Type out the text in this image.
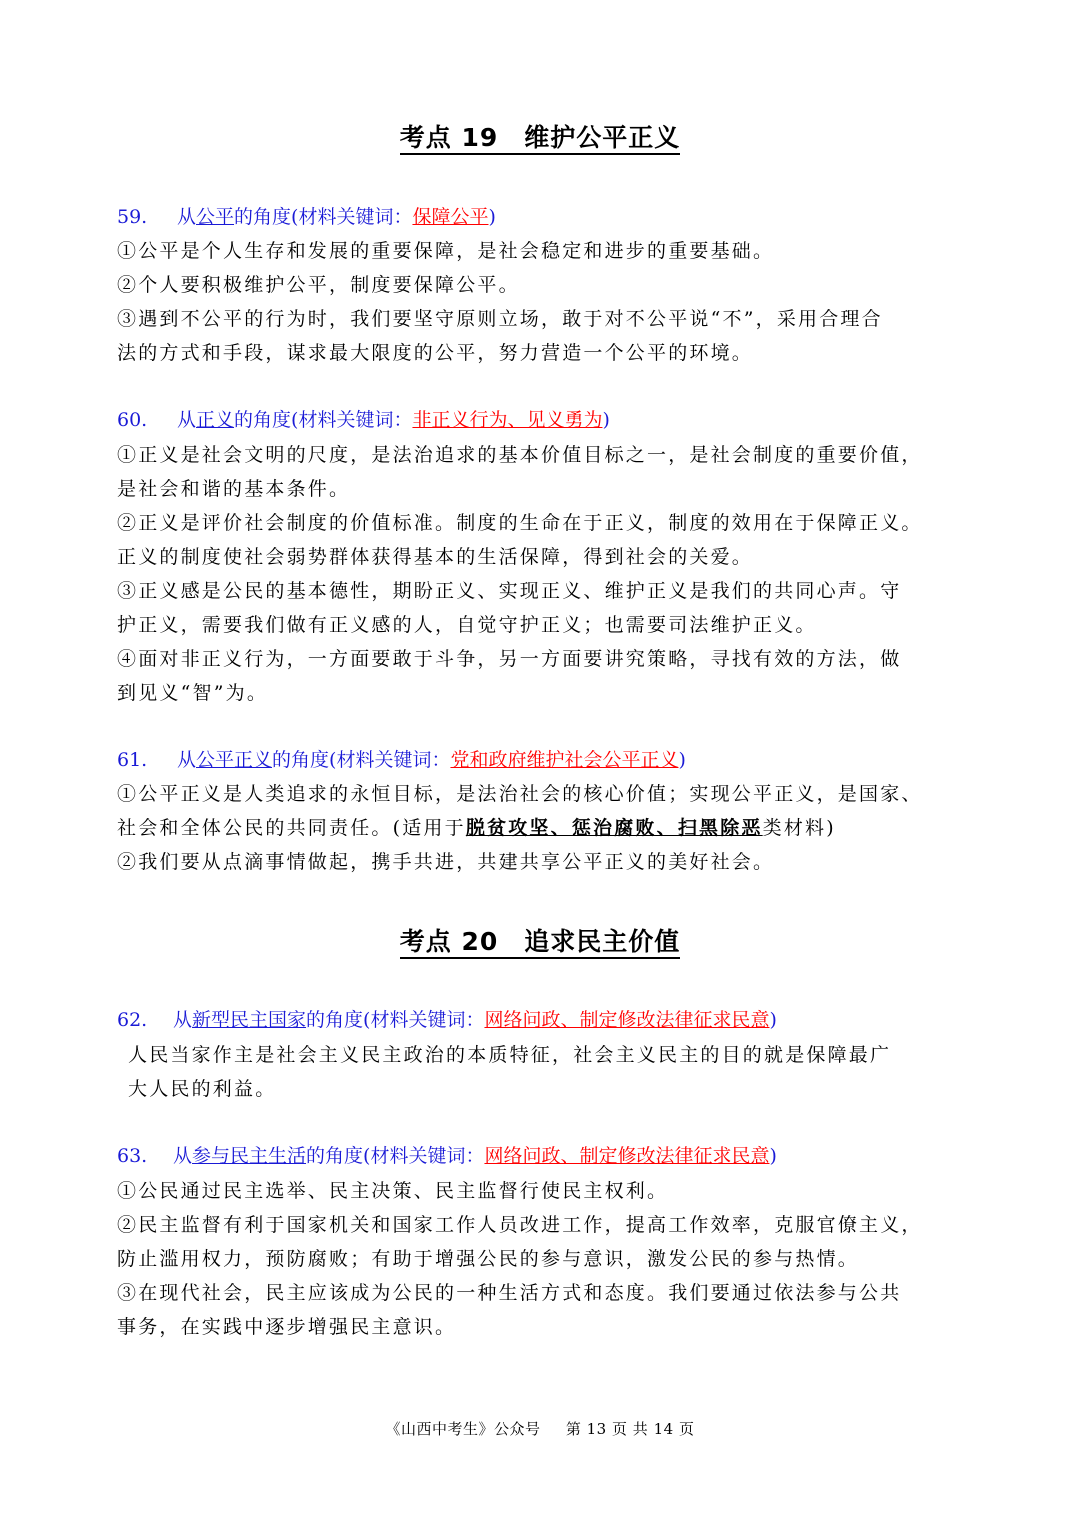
考点 19　维护公平正义
59. 从公平的角度(材料关键词：保障公平)
①公平是个人生存和发展的重要保障，是社会稳定和进步的重要基础。
②个人要积极维护公平，制度要保障公平。
③遇到不公平的行为时，我们要坚守原则立场，敢于对不公平说“不”，采用合理合
法的方式和手段，谋求最大限度的公平，努力营造一个公平的环境。
60. 从正义的角度(材料关键词：非正义行为、见义勇为)
①正义是社会文明的尺度，是法治追求的基本价值目标之一，是社会制度的重要价值，
是社会和谐的基本条件。
②正义是评价社会制度的价值标准。制度的生命在于正义，制度的效用在于保障正义。
正义的制度使社会弱势群体获得基本的生活保障，得到社会的关爱。
③正义感是公民的基本德性，期盼正义、实现正义、维护正义是我们的共同心声。守
护正义，需要我们做有正义感的人，自觉守护正义；也需要司法维护正义。
④面对非正义行为，一方面要敢于斗争，另一方面要讲究策略，寻找有效的方法，做
到见义“智”为。
61. 从公平正义的角度(材料关键词：党和政府维护社会公平正义)
①公平正义是人类追求的永恒目标，是法治社会的核心价值；实现公平正义，是国家、
社会和全体公民的共同责任。(适用于脱贫攻坚、惩治腐败、扫黑除恶类材料)
②我们要从点滴事情做起，携手共进，共建共享公平正义的美好社会。
考点 20　追求民主价值
62. 从新型民主国家的角度(材料关键词：网络问政、制定修改法律征求民意)
人民当家作主是社会主义民主政治的本质特征，社会主义民主的目的就是保障最广
大人民的利益。
63. 从参与民主生活的角度(材料关键词：网络问政、制定修改法律征求民意)
①公民通过民主选举、民主决策、民主监督行使民主权利。
②民主监督有利于国家机关和国家工作人员改进工作，提高工作效率，克服官僚主义，
防止滥用权力，预防腐败；有助于增强公民的参与意识，激发公民的参与热情。
③在现代社会，民主应该成为公民的一种生活方式和态度。我们要通过依法参与公共
事务，在实践中逐步增强民主意识。
《山西中考生》公众号 第 13 页 共 14 页
